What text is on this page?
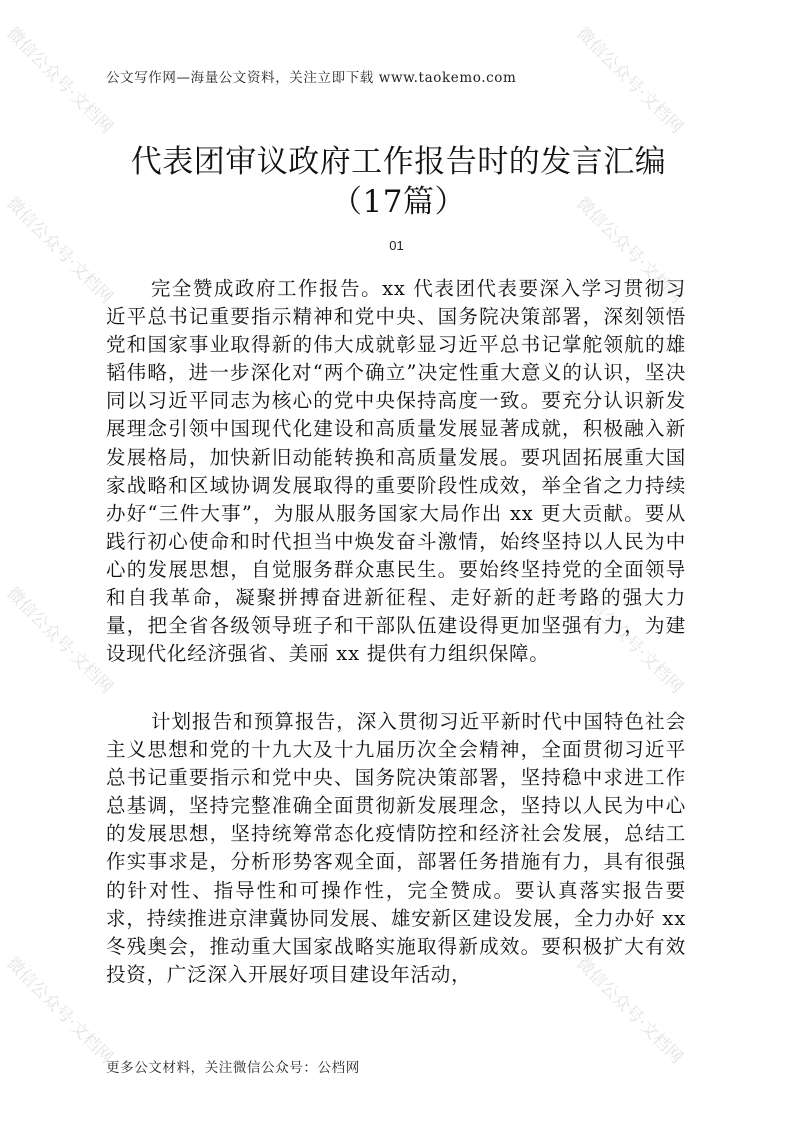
微信公众号·文档网	微信公众号·文档网
微信公众号·文档网	微信公众号·文档网
微信公众号·文档网	微信公众号·文档网
微信公众号·文档网	微信公众号·文档网
公文写作网—海量公文资料，关注立即下载 www.taokemo.com
代表团审议政府工作报告时的发言汇编（17篇）
01

完全赞成政府工作报告。xx 代表团代表要深入学习贯彻习近平总书记重要指示精神和党中央、国务院决策部署，深刻领悟党和国家事业取得新的伟大成就彰显习近平总书记掌舵领航的雄韬伟略，进一步深化对“两个确立”决定性重大意义的认识，坚决同以习近平同志为核心的党中央保持高度一致。要充分认识新发展理念引领中国现代化建设和高质量发展显著成就，积极融入新发展格局，加快新旧动能转换和高质量发展。要巩固拓展重大国家战略和区域协调发展取得的重要阶段性成效，举全省之力持续办好“三件大事”，为服从服务国家大局作出 xx 更大贡献。要从践行初心使命和时代担当中焕发奋斗激情，始终坚持以人民为中心的发展思想，自觉服务群众惠民生。要始终坚持党的全面领导和自我革命，凝聚拼搏奋进新征程、走好新的赶考路的强大力量，把全省各级领导班子和干部队伍建设得更加坚强有力，为建设现代化经济强省、美丽 xx 提供有力组织保障。

计划报告和预算报告，深入贯彻习近平新时代中国特色社会主义思想和党的十九大及十九届历次全会精神，全面贯彻习近平总书记重要指示和党中央、国务院决策部署，坚持稳中求进工作总基调，坚持完整准确全面贯彻新发展理念，坚持以人民为中心的发展思想，坚持统筹常态化疫情防控和经济社会发展，总结工作实事求是，分析形势客观全面，部署任务措施有力，具有很强的针对性、指导性和可操作性，完全赞成。要认真落实报告要求，持续推进京津冀协同发展、雄安新区建设发展，全力办好 xx 冬残奥会，推动重大国家战略实施取得新成效。要积极扩大有效投资，广泛深入开展好项目建设年活动，

更多公文材料，关注微信公众号：公档网
